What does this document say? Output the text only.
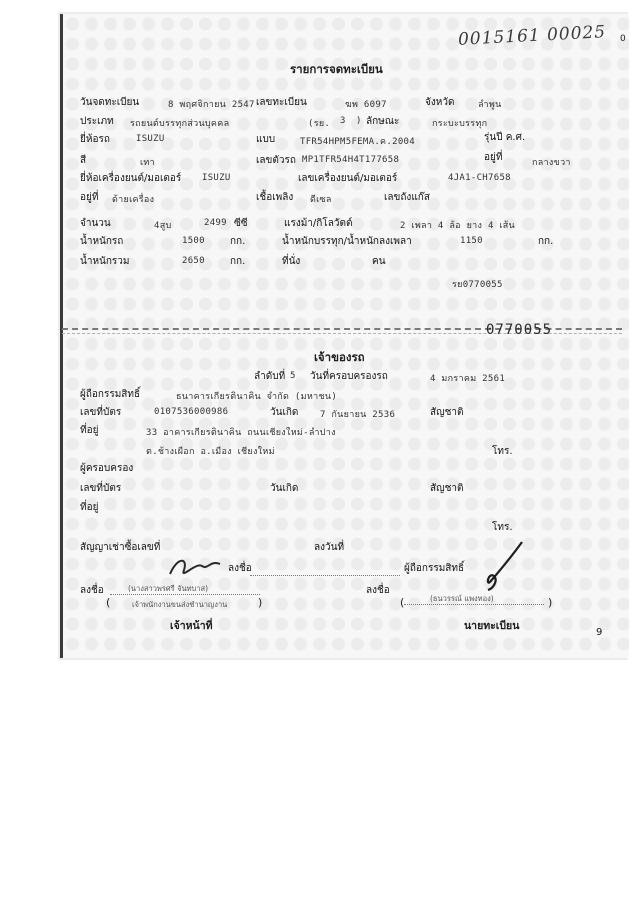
0015161 00025 0
รายการจดทะเบียน
วันจดทะเบียน	8 พฤศจิกายน 2547 เลขทะเบียน	ฆพ 6097	จังหวัด	ลำพูน
ประเภท รถยนต์บรรทุกส่วนบุคคล	(รย. 3 ) ลักษณะ	กระบะบรรทุก
ยี่ห้อรถ	ISUZU	แบบ	TFR54HPM5FEMA.ค.2004	รุ่นปี ค.ศ.
สี	เทา	เลขตัวรถ MP1TFR54H4T177658	อยู่ที่	กลางขวา
ยี่ห้อเครื่องยนต์/มอเตอร์ ISUZU	เลขเครื่องยนต์/มอเตอร์	4JA1-CH7658
อยู่ที่ ด้ายเครื่อง	เชื้อเพลิง ดีเซล	เลขถังแก๊ส
จำนวน	4สูบ	2499 ซีซี	แรงม้า/กิโลวัตต์	2 เพลา 4 ล้อ ยาง 4 เส้น
น้ำหนักรถ	1500	กก.	น้ำหนักบรรทุก/น้ำหนักลงเพลา	1150	กก.
น้ำหนักรวม	2650	กก.	ที่นั่ง	คน
รย0770055
0770055
เจ้าของรถ
ลำดับที่ 5 วันที่ครอบครองรถ	4 มกราคม 2561
ผู้ถือกรรมสิทธิ์	ธนาคารเกียรตินาคิน จำกัด (มหาชน)
เลขที่บัตร	0107536000986	วันเกิด 7 กันยายน 2536	สัญชาติ
ที่อยู่	33 อาคารเกียรตินาคิน ถนนเชียงใหม่-ลำปาง
ต.ช้างเผือก อ.เมือง เชียงใหม่	โทร.
ผู้ครอบครอง
เลขที่บัตร	วันเกิด	สัญชาติ
ที่อยู่
โทร.
สัญญาเช่าซื้อเลขที่	ลงวันที่
ลงชื่อ	ผู้ถือกรรมสิทธิ์
ลงชื่อ	(นางสาวพรศรี จันทบาส)
(	เจ้าพนักงานขนส่งชำนาญงาน	)
ลงชื่อ
(	(ธนวรรณ์ แพงทอง)	)
เจ้าหน้าที่	นายทะเบียน
9
